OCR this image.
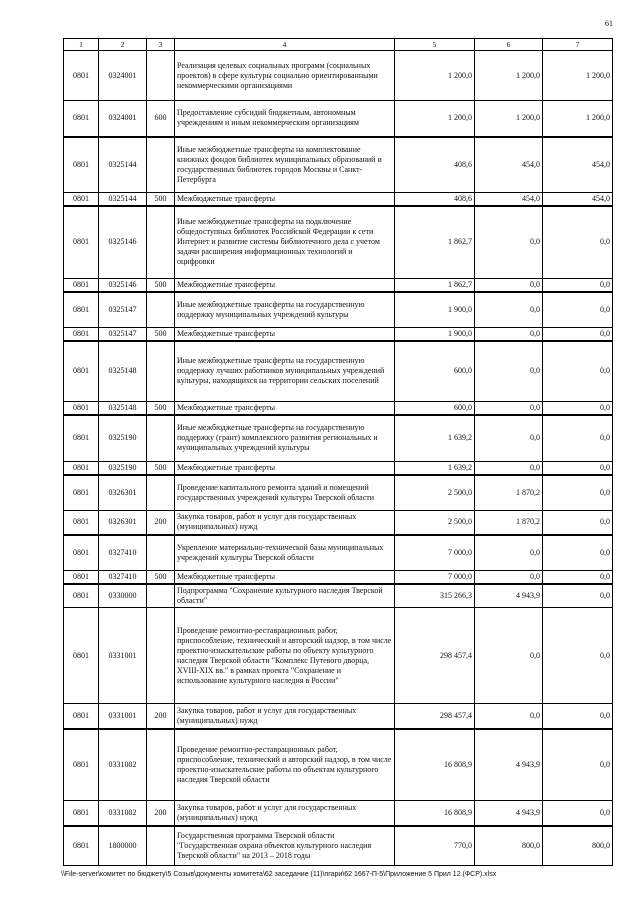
61
1	2	3	4	5	6	7
0801	0324001		Реализация целевых социальных программ (социальных проектов) в сфере культуры социально ориентированными некоммерческими организациями	1 200,0	1 200,0	1 200,0
0801	0324001	600	Предоставление субсидий бюджетным, автономным учреждениям и иным некоммерческим организациям	1 200,0	1 200,0	1 200,0
0801	0325144		Иные межбюджетные трансферты на комплектование книжных фондов библиотек муниципальных образований и государственных библиотек городов Москвы и Санкт-Петербурга	408,6	454,0	454,0
0801	0325144	500	Межбюджетные трансферты	408,6	454,0	454,0
0801	0325146		Иные межбюджетные трансферты на подключение общедоступных библиотек Российской Федерации к сети Интернет и развитие системы библиотечного дела с учетом задачи расширения информационных технологий и оцифровки	1 862,7	0,0	0,0
0801	0325146	500	Межбюджетные трансферты	1 862,7	0,0	0,0
0801	0325147		Иные межбюджетные трансферты на государственную поддержку муниципальных учреждений культуры	1 900,0	0,0	0,0
0801	0325147	500	Межбюджетные трансферты	1 900,0	0,0	0,0
0801	0325148		Иные межбюджетные трансферты на государственную поддержку лучших работников муниципальных учреждений культуры, находящихся на территории сельских поселений	600,0	0,0	0,0
0801	0325148	500	Межбюджетные трансферты	600,0	0,0	0,0
0801	0325190		Иные межбюджетные трансферты на государственную поддержку (грант) комплексного развития региональных и муниципальных учреждений культуры	1 639,2	0,0	0,0
0801	0325190	500	Межбюджетные трансферты	1 639,2	0,0	0,0
0801	0326301		Проведение капитального ремонта зданий и помещений государственных учреждений культуры Тверской области	2 500,0	1 870,2	0,0
0801	0326301	200	Закупка товаров, работ и услуг для государственных (муниципальных) нужд	2 500,0	1 870,2	0,0
0801	0327410		Укрепление материально-технической базы муниципальных учреждений культуры Тверской области	7 000,0	0,0	0,0
0801	0327410	500	Межбюджетные трансферты	7 000,0	0,0	0,0
0801	0330000		Подпрограмма "Сохранение культурного наследия Тверской области"	315 266,3	4 943,9	0,0
0801	0331001		Проведение ремонтно-реставрационных работ, приспособление, технический и авторский надзор, в том числе проектно-изыскательские работы по объекту культурного наследия Тверской области "Комплекс Путевого дворца, XVIII-XIX вв." в рамках проекта "Сохранение и использование культурного наследия в России"	298 457,4	0,0	0,0
0801	0331001	200	Закупка товаров, работ и услуг для государственных (муниципальных) нужд	298 457,4	0,0	0,0
0801	0331002		Проведение ремонтно-реставрационных работ, приспособление, технический и авторский надзор, в том числе проектно-изыскательские работы по объектам культурного наследия Тверской области	16 808,9	4 943,9	0,0
0801	0331002	200	Закупка товаров, работ и услуг для государственных (муниципальных) нужд	16 808,9	4 943,9	0,0
0801	1800000		Государственная программа Тверской области "Государственная охрана объектов культурного наследия Тверской области" на 2013 – 2018 годы	770,0	800,0	800,0
\\File-server\комитет по бюджету\5 Созыв\документы комитета\62 заседание (11)\пгари\62 1667-П-5\Приложение 5 Прил 12 (ФСР).xlsx
